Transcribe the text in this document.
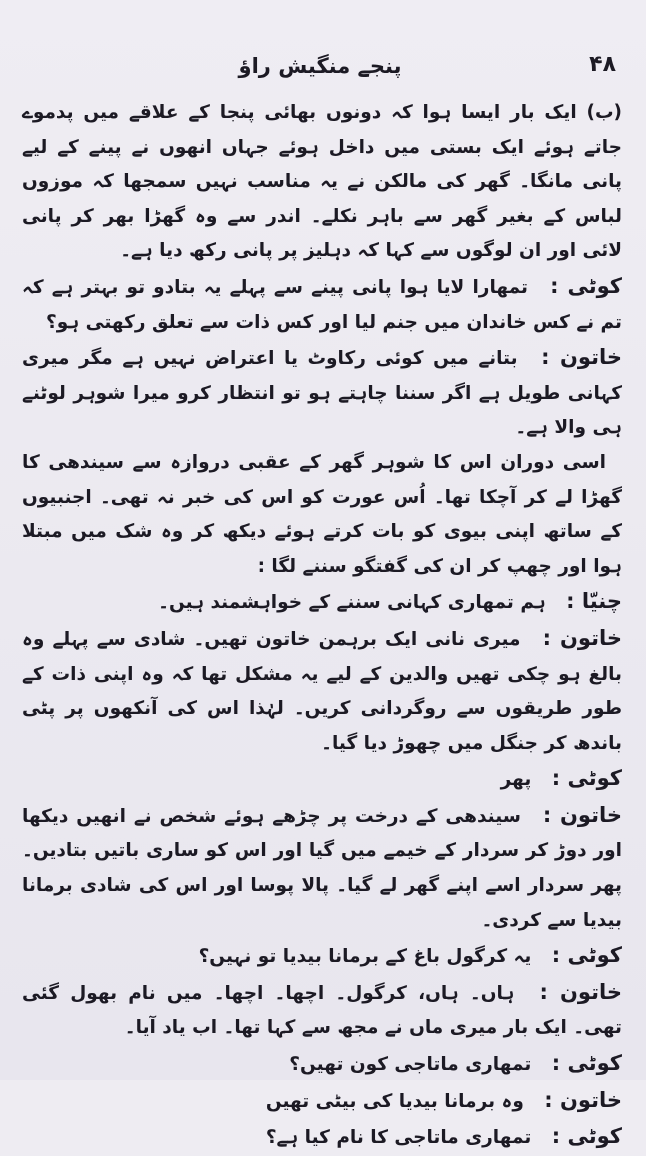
۴۸
پنجے منگیش راؤ

(ب) ایک بار ایسا ہوا کہ دونوں بھائی پنجا کے علاقے میں پدموے جاتے ہوئے ایک بستی میں داخل ہوئے جہاں انھوں نے پینے کے لیے پانی مانگا۔ گھر کی مالکن نے یہ مناسب نہیں سمجھا کہ موزوں لباس کے بغیر گھر سے باہر نکلے۔ اندر سے وہ گھڑا بھر کر پانی لائی اور ان لوگوں سے کہا کہ دہلیز پر پانی رکھ دیا ہے۔

کوٹی : تمھارا لایا ہوا پانی پینے سے پہلے یہ بتادو تو بہتر ہے کہ تم نے کس خاندان میں جنم لیا اور کس ذات سے تعلق رکھتی ہو؟

خاتون : بتانے میں کوئی رکاوٹ یا اعتراض نہیں ہے مگر میری کہانی طویل ہے اگر سننا چاہتے ہو تو انتظار کرو میرا شوہر لوٹنے ہی والا ہے۔

اسی دوران اس کا شوہر گھر کے عقبی دروازہ سے سیندھی کا گھڑا لے کر آچکا تھا۔ اُس عورت کو اس کی خبر نہ تھی۔ اجنبیوں کے ساتھ اپنی بیوی کو بات کرتے ہوئے دیکھ کر وہ شک میں مبتلا ہوا اور چھپ کر ان کی گفتگو سننے لگا :

چنیّا : ہم تمھاری کہانی سننے کے خواہشمند ہیں۔

خاتون : میری نانی ایک برہمن خاتون تھیں۔ شادی سے پہلے وہ بالغ ہو چکی تھیں والدین کے لیے یہ مشکل تھا کہ وہ اپنی ذات کے طور طریقوں سے روگردانی کریں۔ لہٰذا اس کی آنکھوں پر پٹی باندھ کر جنگل میں چھوڑ دیا گیا۔

کوٹی : پھر

خاتون : سیندھی کے درخت پر چڑھے ہوئے شخص نے انھیں دیکھا اور دوڑ کر سردار کے خیمے میں گیا اور اس کو ساری باتیں بتادیں۔ پھر سردار اسے اپنے گھر لے گیا۔ پالا پوسا اور اس کی شادی برمانا بیدیا سے کردی۔

کوٹی : یہ کرگول باغ کے برمانا بیدیا تو نہیں؟

خاتون : ہاں۔ ہاں، کرگول۔ اچھا۔ اچھا۔ میں نام بھول گئی تھی۔ ایک بار میری ماں نے مجھ سے کہا تھا۔ اب یاد آیا۔

کوٹی : تمھاری ماتاجی کون تھیں؟

خاتون : وہ برمانا بیدیا کی بیٹی تھیں

کوٹی : تمھاری ماتاجی کا نام کیا ہے؟
